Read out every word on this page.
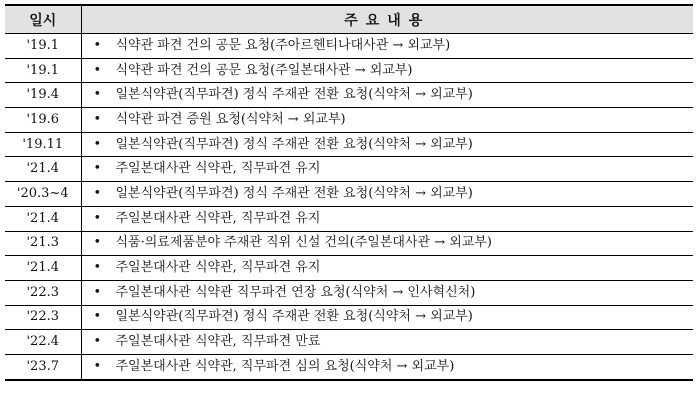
일시	주요내용
'19.1	• 식약관 파견 건의 공문 요청(주아르헨티나대사관 → 외교부)
'19.1	• 식약관 파견 건의 공문 요청(주일본대사관 → 외교부)
'19.4	• 일본식약관(직무파견) 정식 주재관 전환 요청(식약처 → 외교부)
'19.6	• 식약관 파견 증원 요청(식약처 → 외교부)
'19.11	• 일본식약관(직무파견) 정식 주재관 전환 요청(식약처 → 외교부)
'21.4	• 주일본대사관 식약관, 직무파견 유지
'20.3~4	• 일본식약관(직무파견) 정식 주재관 전환 요청(식약처 → 외교부)
'21.4	• 주일본대사관 식약관, 직무파견 유지
'21.3	• 식품·의료제품분야 주재관 직위 신설 건의(주일본대사관 → 외교부)
'21.4	• 주일본대사관 식약관, 직무파견 유지
'22.3	• 주일본대사관 식약관 직무파견 연장 요청(식약처 → 인사혁신처)
'22.3	• 일본식약관(직무파견) 정식 주재관 전환 요청(식약처 → 외교부)
'22.4	• 주일본대사관 식약관, 직무파견 만료
'23.7	• 주일본대사관 식약관, 직무파견 심의 요청(식약처 → 외교부)
